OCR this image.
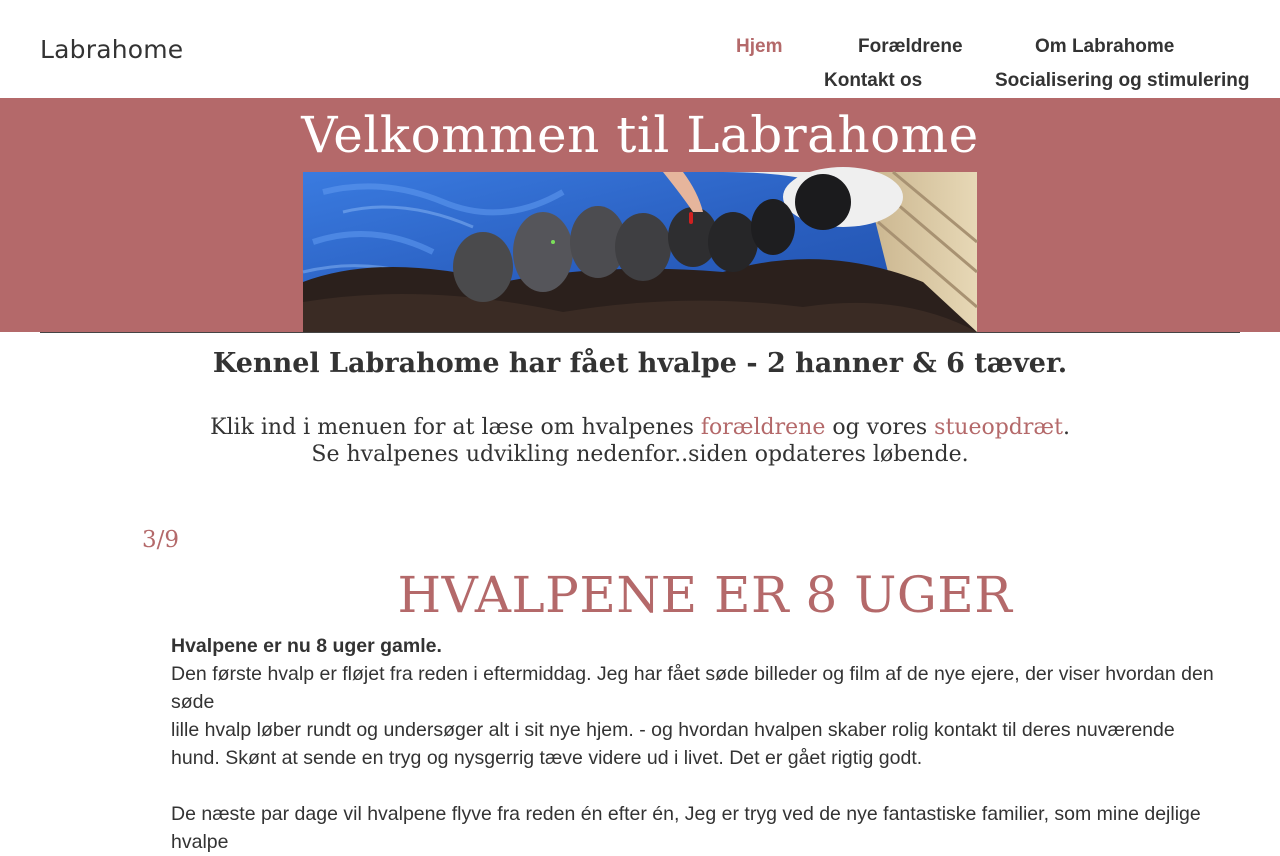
Labrahome	Hjem	Forældrene	Om Labrahome
Kontakt os	Socialisering og stimulering
Velkommen til Labrahome
Kennel Labrahome har fået hvalpe - 2 hanner & 6 tæver.
Klik ind i menuen for at læse om hvalpenes forældrene og vores stueopdræt.
Se hvalpenes udvikling nedenfor..siden opdateres løbende.
3/9
HVALPENE ER 8 UGER

Hvalpene er nu 8 uger gamle.

Den første hvalp er fløjet fra reden i eftermiddag. Jeg har fået søde billeder og film af de nye ejere, der viser hvordan den søde

lille hvalp løber rundt og undersøger alt i sit nye hjem. - og hvordan hvalpen skaber rolig kontakt til deres nuværende

hund. Skønt at sende en tryg og nysgerrig tæve videre ud i livet. Det er gået rigtig godt.

De næste par dage vil hvalpene flyve fra reden én efter én, Jeg er tryg ved de nye fantastiske familier, som mine dejlige hvalpe
